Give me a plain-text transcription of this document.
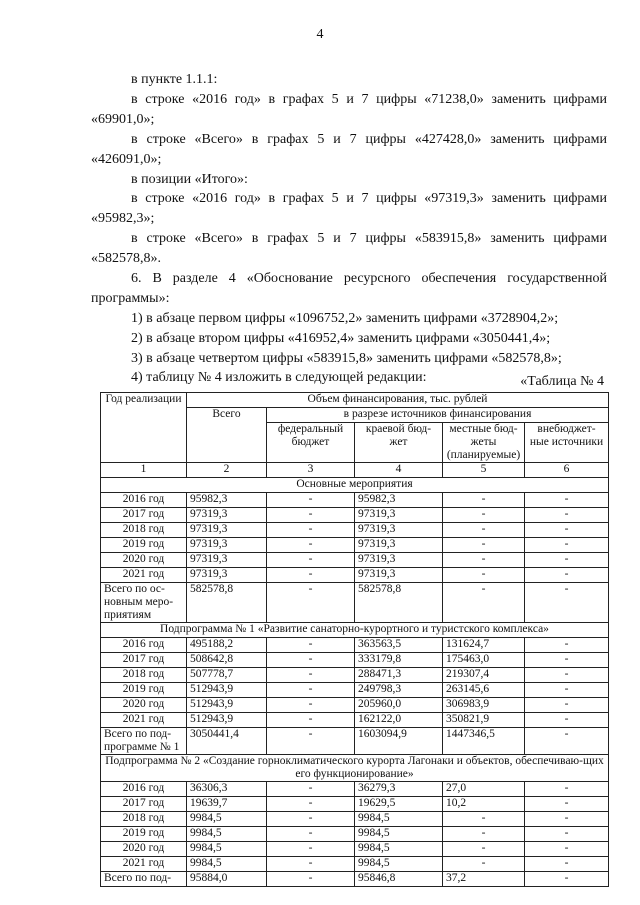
4
в пункте 1.1.1:
в строке «2016 год» в графах 5 и 7 цифры «71238,0» заменить цифрами
«69901,0»;
в строке «Всего» в графах 5 и 7 цифры «427428,0» заменить цифрами
«426091,0»;
в позиции «Итого»:
в строке «2016 год» в графах 5 и 7 цифры «97319,3» заменить цифрами
«95982,3»;
в строке «Всего» в графах 5 и 7 цифры «583915,8» заменить цифрами
«582578,8».
6. В разделе 4 «Обоснование ресурсного обеспечения государственной
программы»:
1) в абзаце первом цифры «1096752,2» заменить цифрами «3728904,2»;
2) в абзаце втором цифры «416952,4» заменить цифрами «3050441,4»;
3) в абзаце четвертом цифры «583915,8» заменить цифрами «582578,8»;
4) таблицу № 4 изложить в следующей редакции:	«Таблица № 4
Год реализации	Объем финансирования, тыс. рублей				
	Всего	в разрезе источников финансирования			
		федеральный бюджет	краевой бюд-жет	местные бюд-жеты (планируемые)	внебюджет-ные источники
1	2	3	4	5	6
Основные мероприятия					
2016 год	95982,3	-	95982,3	-	-
2017 год	97319,3	-	97319,3	-	-
2018 год	97319,3	-	97319,3	-	-
2019 год	97319,3	-	97319,3	-	-
2020 год	97319,3	-	97319,3	-	-
2021 год	97319,3	-	97319,3	-	-
Всего по ос-новным меро-приятиям	582578,8	-	582578,8	-	-
Подпрограмма № 1 «Развитие санаторно-курортного и туристского комплекса»					
2016 год	495188,2	-	363563,5	131624,7	-
2017 год	508642,8	-	333179,8	175463,0	-
2018 год	507778,7	-	288471,3	219307,4	-
2019 год	512943,9	-	249798,3	263145,6	-
2020 год	512943,9	-	205960,0	306983,9	-
2021 год	512943,9	-	162122,0	350821,9	-
Всего по под-программе № 1	3050441,4	-	1603094,9	1447346,5	-
Подпрограмма № 2 «Создание горноклиматического курорта Лагонаки и объектов, обеспечиваю-щих его функционирование»					
2016 год	36306,3	-	36279,3	27,0	-
2017 год	19639,7	-	19629,5	10,2	-
2018 год	9984,5	-	9984,5	-	-
2019 год	9984,5	-	9984,5	-	-
2020 год	9984,5	-	9984,5	-	-
2021 год	9984,5	-	9984,5	-	-
Всего по под-	95884,0	-	95846,8	37,2	-
